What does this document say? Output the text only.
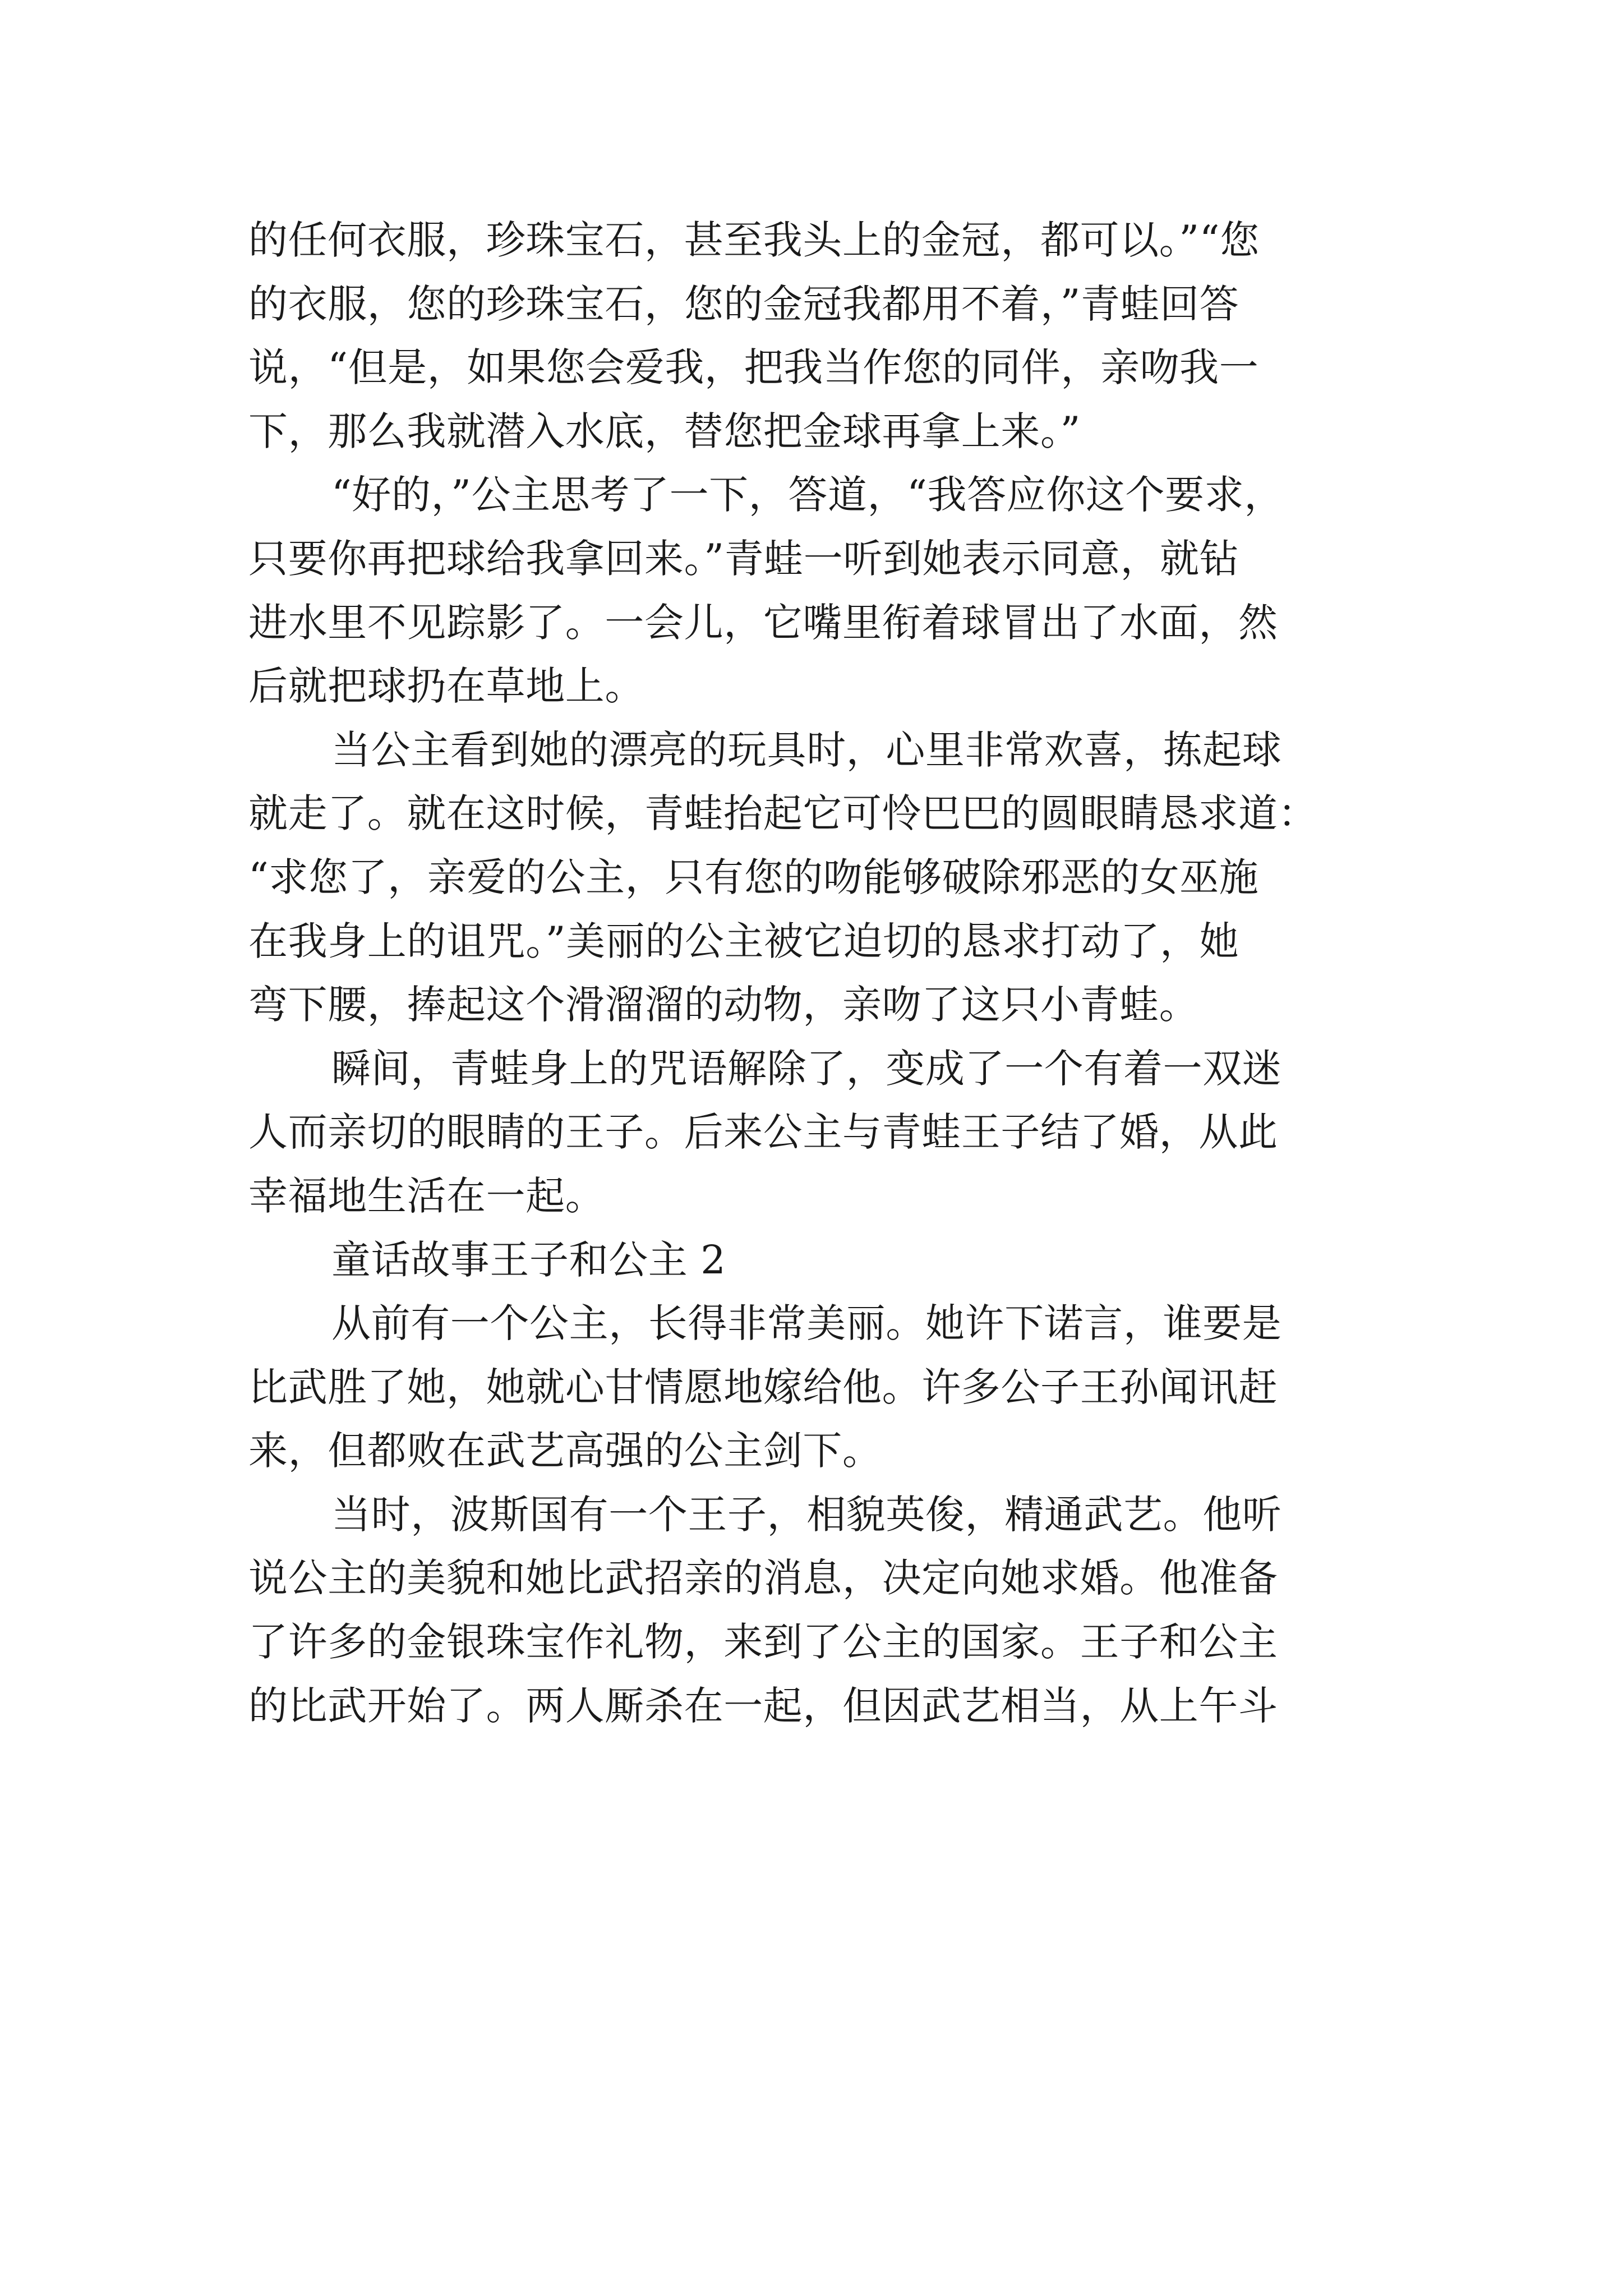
的任何衣服，珍珠宝石，甚至我头上的金冠，都可以。”“您
的衣服，您的珍珠宝石，您的金冠我都用不着，”青蛙回答
说，“但是，如果您会爱我，把我当作您的同伴，亲吻我一
下，那么我就潜入水底，替您把金球再拿上来。”
“好的，”公主思考了一下，答道，“我答应你这个要求，
只要你再把球给我拿回来。”青蛙一听到她表示同意，就钻
进水里不见踪影了。一会儿，它嘴里衔着球冒出了水面，然
后就把球扔在草地上。
当公主看到她的漂亮的玩具时，心里非常欢喜，拣起球
就走了。就在这时候，青蛙抬起它可怜巴巴的圆眼睛恳求道：
“求您了，亲爱的公主，只有您的吻能够破除邪恶的女巫施
在我身上的诅咒。”美丽的公主被它迫切的恳求打动了，她
弯下腰，捧起这个滑溜溜的动物，亲吻了这只小青蛙。
瞬间，青蛙身上的咒语解除了，变成了一个有着一双迷
人而亲切的眼睛的王子。后来公主与青蛙王子结了婚，从此
幸福地生活在一起。
童话故事王子和公主 2
从前有一个公主，长得非常美丽。她许下诺言，谁要是
比武胜了她，她就心甘情愿地嫁给他。许多公子王孙闻讯赶
来，但都败在武艺高强的公主剑下。
当时，波斯国有一个王子，相貌英俊，精通武艺。他听
说公主的美貌和她比武招亲的消息，决定向她求婚。他准备
了许多的金银珠宝作礼物，来到了公主的国家。王子和公主
的比武开始了。两人厮杀在一起，但因武艺相当，从上午斗
